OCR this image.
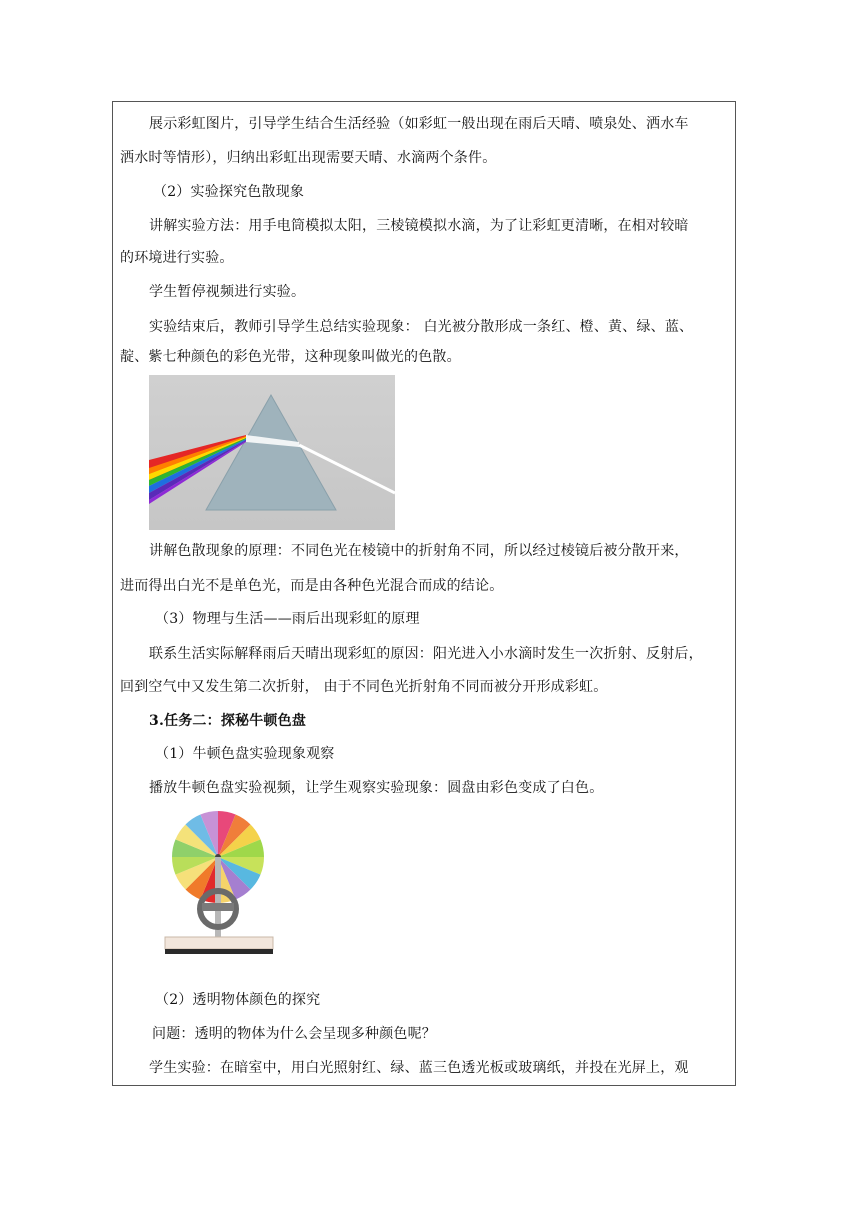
展示彩虹图片，引导学生结合生活经验（如彩虹一般出现在雨后天晴、喷泉处、洒水车
洒水时等情形），归纳出彩虹出现需要天晴、水滴两个条件。
（2）实验探究色散现象
讲解实验方法：用手电筒模拟太阳，三棱镜模拟水滴，为了让彩虹更清晰，在相对较暗
的环境进行实验。
学生暂停视频进行实验。
实验结束后，教师引导学生总结实验现象： 白光被分散形成一条红、橙、黄、绿、蓝、
靛、紫七种颜色的彩色光带，这种现象叫做光的色散。
讲解色散现象的原理：不同色光在棱镜中的折射角不同，所以经过棱镜后被分散开来，
进而得出白光不是单色光，而是由各种色光混合而成的结论。
（3）物理与生活——雨后出现彩虹的原理
联系生活实际解释雨后天晴出现彩虹的原因：阳光进入小水滴时发生一次折射、反射后，
回到空气中又发生第二次折射， 由于不同色光折射角不同而被分开形成彩虹。
3.任务二：探秘牛顿色盘
（1）牛顿色盘实验现象观察
播放牛顿色盘实验视频，让学生观察实验现象：圆盘由彩色变成了白色。
（2）透明物体颜色的探究
问题：透明的物体为什么会呈现多种颜色呢？
学生实验：在暗室中，用白光照射红、绿、蓝三色透光板或玻璃纸，并投在光屏上，观
